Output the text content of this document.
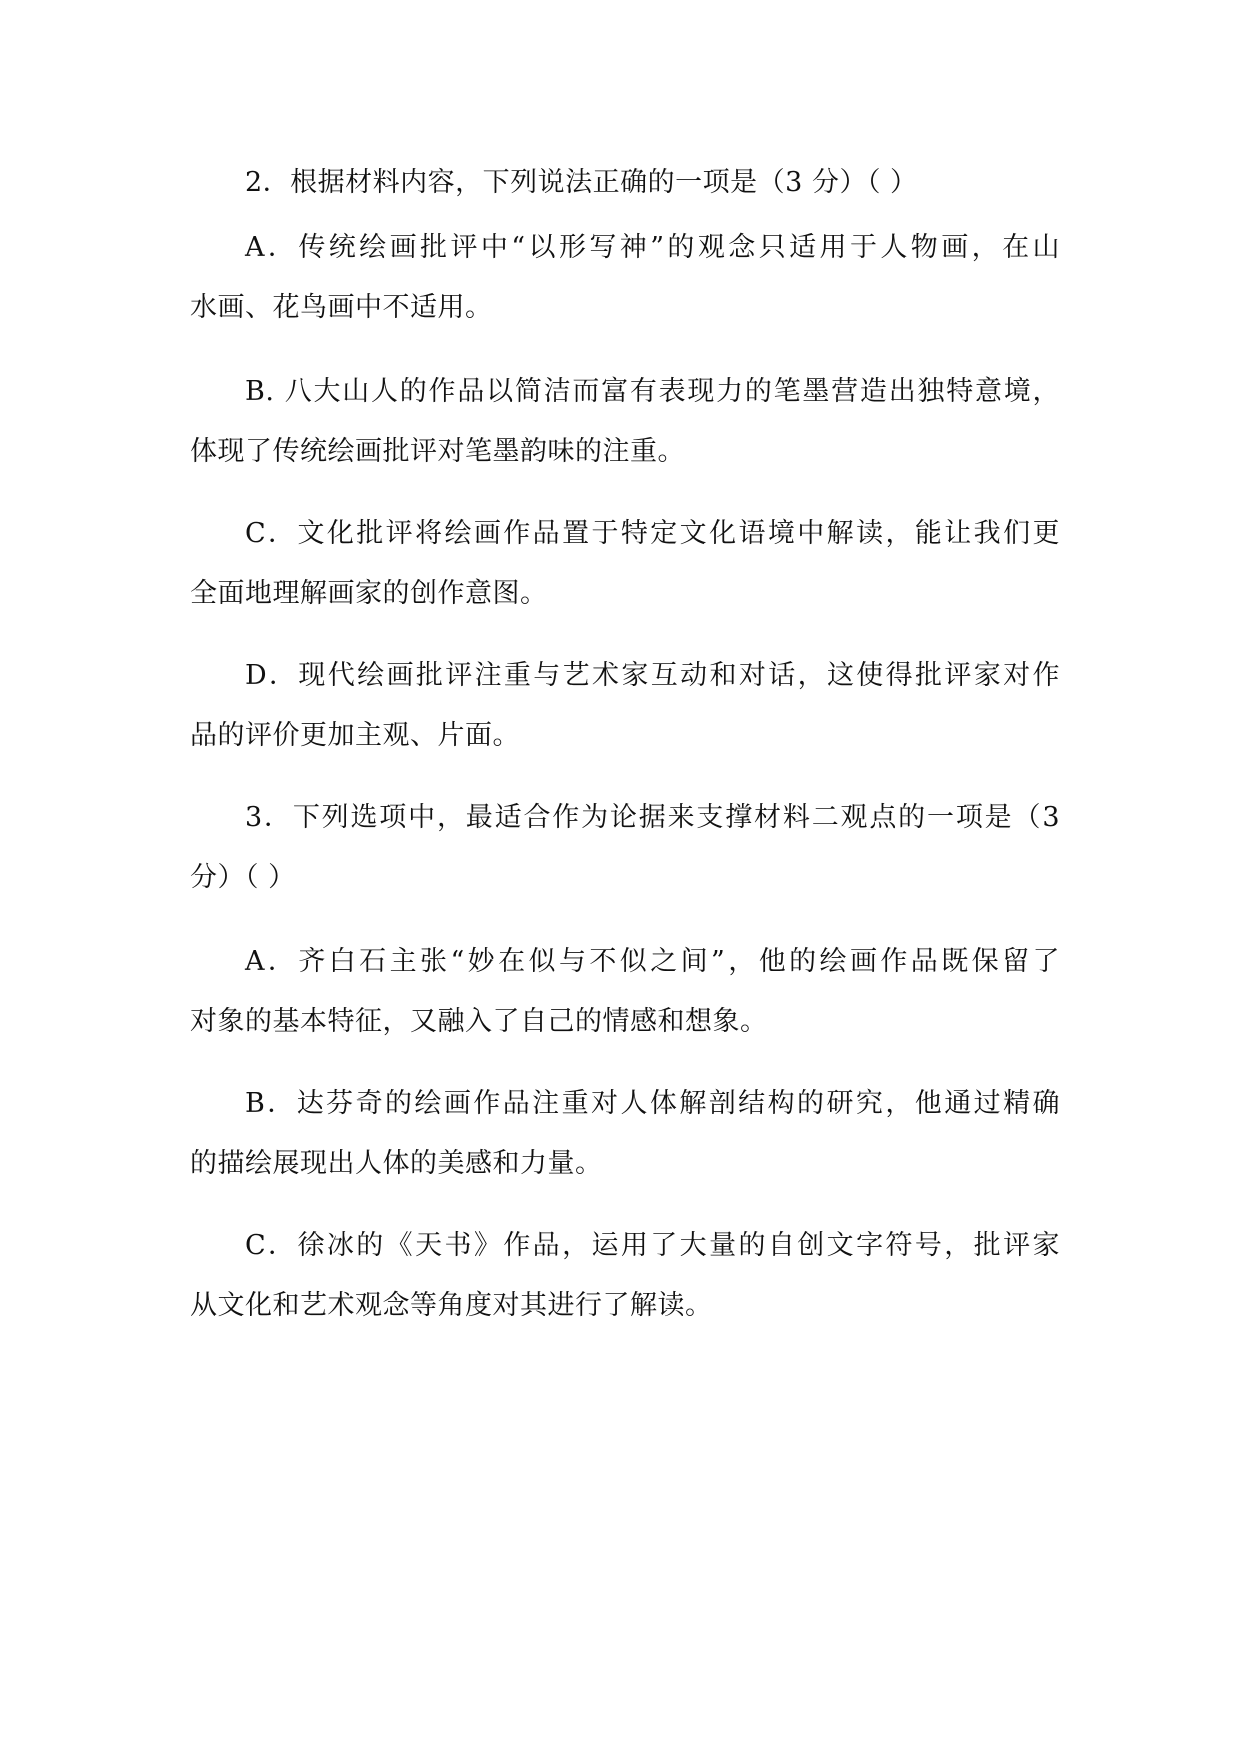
2．根据材料内容，下列说法正确的一项是（3 分）（ ）
A．传统绘画批评中“以形写神”的观念只适用于人物画，在山
水画、花鸟画中不适用。
B. 八大山人的作品以简洁而富有表现力的笔墨营造出独特意境，
体现了传统绘画批评对笔墨韵味的注重。
C．文化批评将绘画作品置于特定文化语境中解读，能让我们更
全面地理解画家的创作意图。
D．现代绘画批评注重与艺术家互动和对话，这使得批评家对作
品的评价更加主观、片面。
3．下列选项中，最适合作为论据来支撑材料二观点的一项是（3
分）（ ）
A．齐白石主张“妙在似与不似之间”，他的绘画作品既保留了
对象的基本特征，又融入了自己的情感和想象。
B．达芬奇的绘画作品注重对人体解剖结构的研究，他通过精确
的描绘展现出人体的美感和力量。
C．徐冰的《天书》作品，运用了大量的自创文字符号，批评家
从文化和艺术观念等角度对其进行了解读。
